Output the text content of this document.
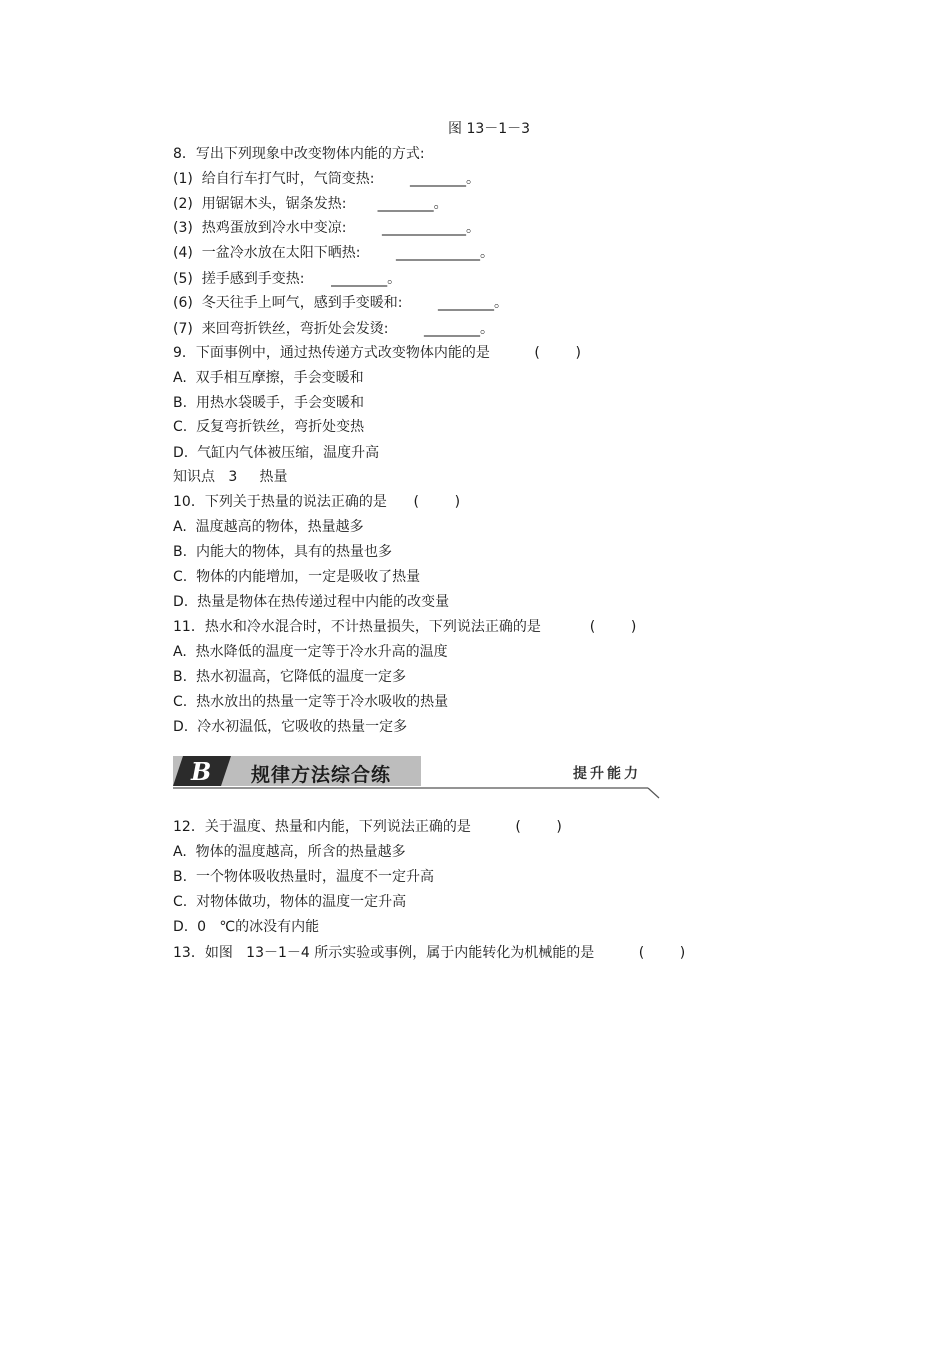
图 13－1－3
8．写出下列现象中改变物体内能的方式:
(1)  给自行车打气时，气筒变热:        ________。
(2)  用锯锯木头，锯条发热:       ________。
(3)  热鸡蛋放到冷水中变凉:        ____________。
(4)  一盆冷水放在太阳下晒热:        ____________。
(5)  搓手感到手变热:      ________。
(6)  冬天往手上呵气，感到手变暖和:        ________。
(7)  来回弯折铁丝，弯折处会发烫:        ________。
9．下面事例中，通过热传递方式改变物体内能的是          (        )
A.  双手相互摩擦，手会变暖和
B.  用热水袋暖手，手会变暖和
C.  反复弯折铁丝，弯折处变热
D.  气缸内气体被压缩，温度升高
知识点   3     热量
10．下列关于热量的说法正确的是      (        )
A.  温度越高的物体，热量越多
B.  内能大的物体，具有的热量也多
C.  物体的内能增加，一定是吸收了热量
D.  热量是物体在热传递过程中内能的改变量
11．热水和冷水混合时，不计热量损失，下列说法正确的是           (        )
A.  热水降低的温度一定等于冷水升高的温度
B.  热水初温高，它降低的温度一定多
C.  热水放出的热量一定等于冷水吸收的热量
D.  冷水初温低，它吸收的热量一定多
B 规律方法综合练	提升能力
12．关于温度、热量和内能，下列说法正确的是          (        )
A.  物体的温度越高，所含的热量越多
B.  一个物体吸收热量时，温度不一定升高
C.  对物体做功，物体的温度一定升高
D.  0   ℃的冰没有内能
13．如图   13－1－4 所示实验或事例，属于内能转化为机械能的是          (        )
